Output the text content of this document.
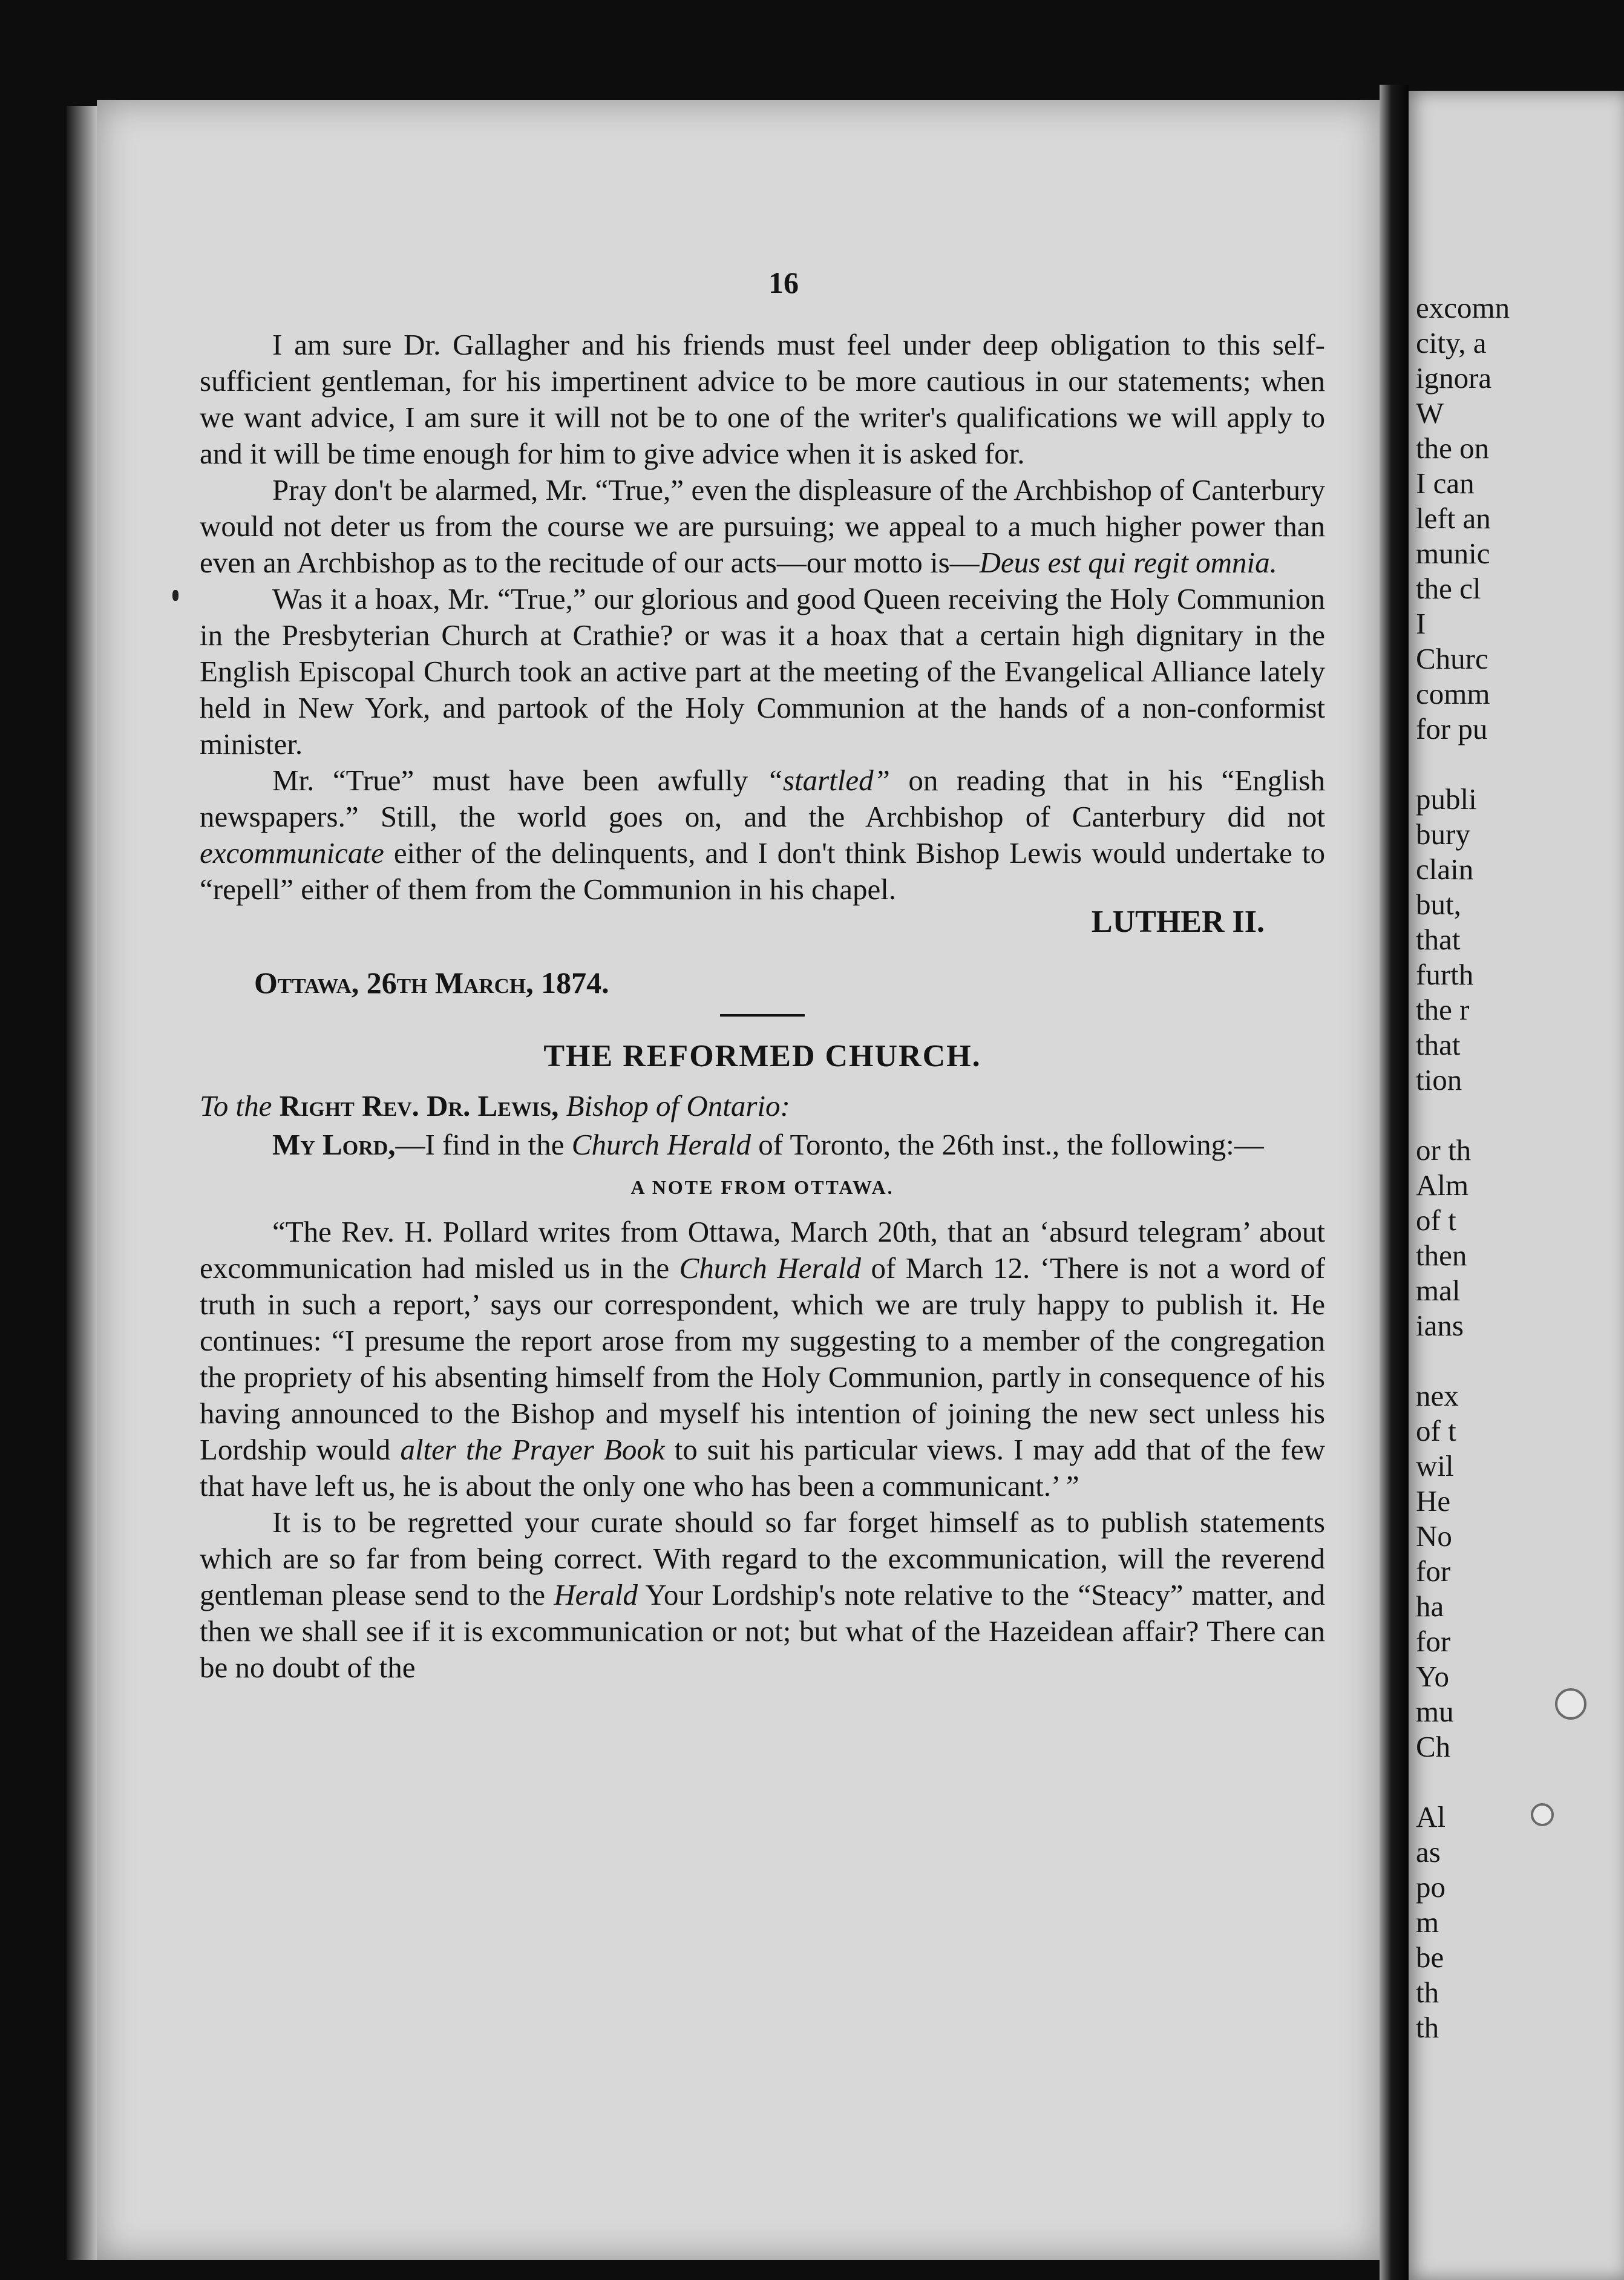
16

I am sure Dr. Gallagher and his friends must feel under deep obligation to this self-sufficient gentleman, for his impertinent advice to be more cautious in our statements; when we want advice, I am sure it will not be to one of the writer's qualifications we will apply to and it will be time enough for him to give advice when it is asked for.

Pray don't be alarmed, Mr. “True,” even the displeasure of the Archbishop of Canterbury would not deter us from the course we are pursuing; we appeal to a much higher power than even an Archbishop as to the recitude of our acts—our motto is—Deus est qui regit omnia.

Was it a hoax, Mr. “True,” our glorious and good Queen receiving the Holy Communion in the Presbyterian Church at Crathie? or was it a hoax that a certain high dignitary in the English Episcopal Church took an active part at the meeting of the Evangelical Alliance lately held in New York, and partook of the Holy Communion at the hands of a non-conformist minister.

Mr. “True” must have been awfully “startled” on reading that in his “English newspapers.” Still, the world goes on, and the Archbishop of Canterbury did not excommunicate either of the delinquents, and I don't think Bishop Lewis would undertake to “repell” either of them from the Communion in his chapel.

LUTHER II.
Ottawa, 26th March, 1874.
THE REFORMED CHURCH.

To the Right Rev. Dr. Lewis, Bishop of Ontario:

My Lord,—I find in the Church Herald of Toronto, the 26th inst., the following:—

A NOTE FROM OTTAWA.

“The Rev. H. Pollard writes from Ottawa, March 20th, that an ‘absurd telegram’ about excommunication had misled us in the Church Herald of March 12. ‘There is not a word of truth in such a report,’ says our correspondent, which we are truly happy to publish it. He continues: “I presume the report arose from my suggesting to a member of the congregation the propriety of his absenting himself from the Holy Communion, partly in consequence of his having announced to the Bishop and myself his intention of joining the new sect unless his Lordship would alter the Prayer Book to suit his particular views. I may add that of the few that have left us, he is about the only one who has been a communicant.’ ”

It is to be regretted your curate should so far forget himself as to publish statements which are so far from being correct. With regard to the excommunication, will the reverend gentleman please send to the Herald Your Lordship's note relative to the “Steacy” matter, and then we shall see if it is excommunication or not; but what of the Hazeidean affair? There can be no doubt of the

excomn
city, a
ignora
W
the on
I can
left an
munic
the cl
I
Churc
comm
for pu
publi
bury
clain
but,
that
furth
the r
that
tion
or th
Alm
of t
then
mal
ians
nex
of t
wil
He
No
for
ha
for
Yo
mu
Ch
Al
as
po
m
be
th
th
